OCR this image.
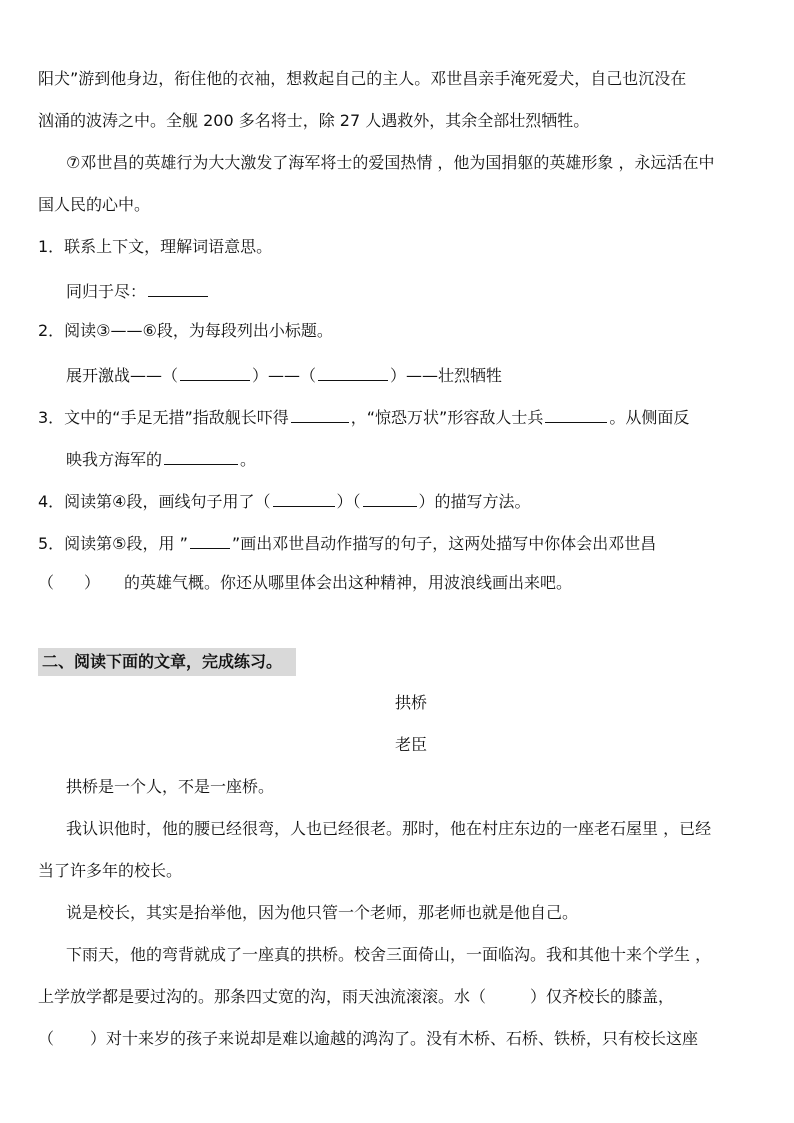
阳犬”游到他身边，衔住他的衣袖，想救起自己的主人。邓世昌亲手淹死爱犬，自己也沉没在
汹涌的波涛之中。全舰 200 多名将士，除 27 人遇救外，其余全部壮烈牺牲。
⑦邓世昌的英雄行为大大激发了海军将士的爱国热情 ，他为国捐躯的英雄形象 ，永远活在中
国人民的心中。
1．联系上下文，理解词语意思。
同归于尽：
2．阅读③——⑥段，为每段列出小标题。
展开激战——（	）——（	）——壮烈牺牲
3．文中的“手足无措”指敌舰长吓得	，“惊恐万状”形容敌人士兵	。从侧面反
映我方海军的	。
4．阅读第④段，画线句子用了（	）（	）的描写方法。
5．阅读第⑤段，用 ”	”画出邓世昌动作描写的句子，这两处描写中你体会出邓世昌
（ ） 的英雄气概。你还从哪里体会出这种精神，用波浪线画出来吧。
二、阅读下面的文章，完成练习。
拱桥
老臣
拱桥是一个人，不是一座桥。
我认识他时，他的腰已经很弯，人也已经很老。那时，他在村庄东边的一座老石屋里 ，已经
当了许多年的校长。
说是校长，其实是抬举他，因为他只管一个老师，那老师也就是他自己。
下雨天，他的弯背就成了一座真的拱桥。校舍三面倚山，一面临沟。我和其他十来个学生 ，
上学放学都是要过沟的。那条四丈宽的沟，雨天浊流滚滚。水（	）仅齐校长的膝盖，
（ ）对十来岁的孩子来说却是难以逾越的鸿沟了。没有木桥、石桥、铁桥，只有校长这座
